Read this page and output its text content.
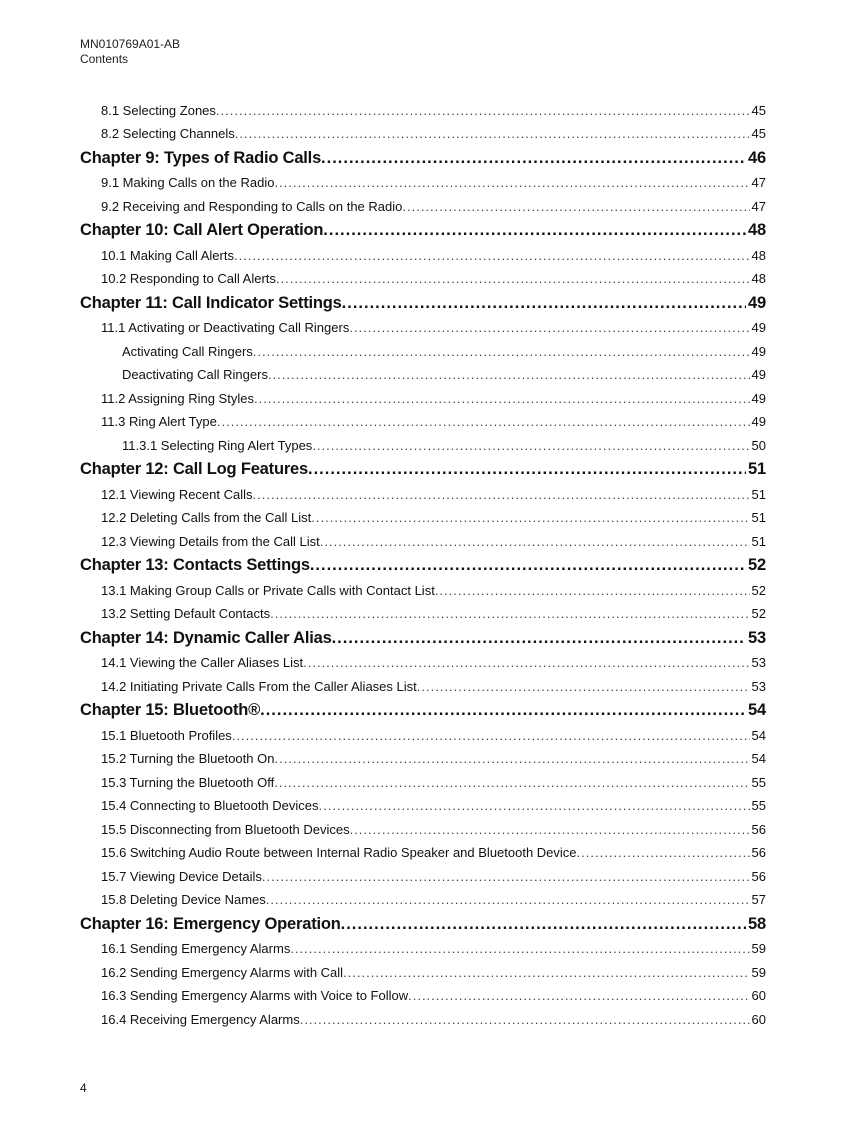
MN010769A01-AB
Contents
8.1 Selecting Zones .....	45
8.2 Selecting Channels .....	45
Chapter 9: Types of Radio Calls .....	46
9.1 Making Calls on the Radio .....	47
9.2 Receiving and Responding to Calls on the Radio .....	47
Chapter 10: Call Alert Operation .....	48
10.1 Making Call Alerts .....	48
10.2 Responding to Call Alerts .....	48
Chapter 11: Call Indicator Settings .....	49
11.1 Activating or Deactivating Call Ringers .....	49
Activating Call Ringers .....	49
Deactivating Call Ringers .....	49
11.2 Assigning Ring Styles .....	49
11.3 Ring Alert Type .....	49
11.3.1 Selecting Ring Alert Types .....	50
Chapter 12: Call Log Features .....	51
12.1 Viewing Recent Calls .....	51
12.2 Deleting Calls from the Call List .....	51
12.3 Viewing Details from the Call List .....	51
Chapter 13: Contacts Settings .....	52
13.1 Making Group Calls or Private Calls with Contact List .....	52
13.2 Setting Default Contacts .....	52
Chapter 14: Dynamic Caller Alias .....	53
14.1 Viewing the Caller Aliases List .....	53
14.2 Initiating Private Calls From the Caller Aliases List .....	53
Chapter 15: Bluetooth® .....	54
15.1 Bluetooth Profiles .....	54
15.2 Turning the Bluetooth On .....	54
15.3 Turning the Bluetooth Off .....	55
15.4 Connecting to Bluetooth Devices .....	55
15.5 Disconnecting from Bluetooth Devices .....	56
15.6 Switching Audio Route between Internal Radio Speaker and Bluetooth Device .....	56
15.7 Viewing Device Details .....	56
15.8 Deleting Device Names .....	57
Chapter 16: Emergency Operation .....	58
16.1 Sending Emergency Alarms .....	59
16.2 Sending Emergency Alarms with Call .....	59
16.3 Sending Emergency Alarms with Voice to Follow .....	60
16.4 Receiving Emergency Alarms .....	60
4
